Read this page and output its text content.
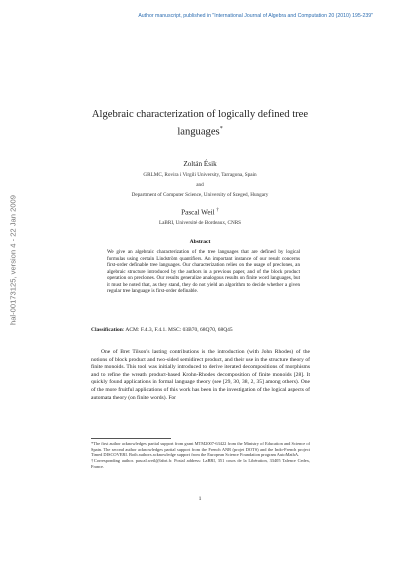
Author manuscript, published in "International Journal of Algebra and Computation 20 (2010) 195-239"
hal-00173125, version 4 - 22 Jan 2009
Algebraic characterization of logically defined tree
languages*
Zoltán Ésik
GRLMC, Rovira i Virgili University, Tarragona, Spain
and
Department of Computer Science, University of Szeged, Hungary
Pascal Weil †
LaBRI, Université de Bordeaux, CNRS
Abstract
We give an algebraic characterization of the tree languages that are defined by logical formulas using certain Lindström quantifiers. An important instance of our result concerns first-order definable tree languages. Our characterization relies on the usage of preclones, an algebraic structure introduced by the authors in a previous paper, and of the block product operation on preclones. Our results generalize analogous results on finite word languages, but it must be noted that, as they stand, they do not yield an algorithm to decide whether a given regular tree language is first-order definable.
Classification: ACM: F.4.3, F.4.1. MSC: 03B70, 68Q70, 68Q45

One of Bret Tilson's lasting contributions is the introduction (with John Rhodes) of the notions of block product and two-sided semidirect product, and their use in the structure theory of finite monoids. This tool was initially introduced to derive iterated decompositions of morphisms and to refine the wreath product-based Krohn-Rhodes decomposition of finite monoids [28]. It quickly found applications in formal language theory (see [29, 30, 38, 2, 35] among others). One of the more fruitful applications of this work has been in the investigation of the logical aspects of automata theory (on finite words). For

*The first author acknowledges partial support from grant MTM2007-63422 from the Ministry of Education and Science of Spain. The second author acknowledges partial support from the French ANR (projet DOTS) and the Indo-French project Timed DISCOVERI. Both authors acknowledge support from the European Science Foundation program AutoMathA.

†Corresponding author. pascal.weil@labri.fr. Postal address: LaBRI, 351 cours de la Libération, 33405 Talence Cedex, France.

1
